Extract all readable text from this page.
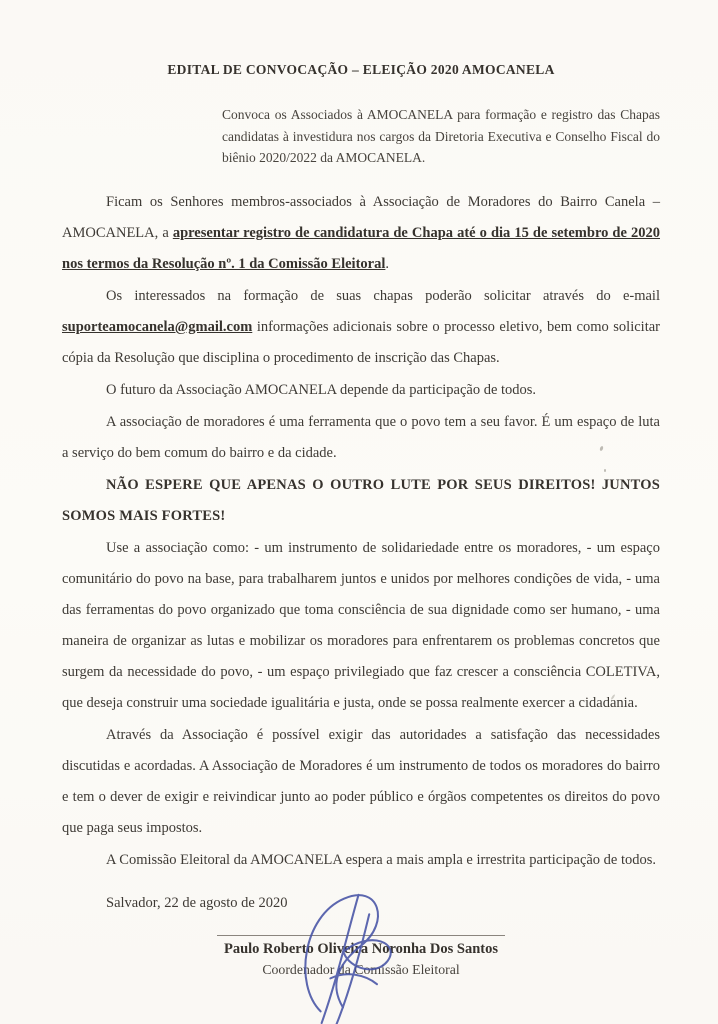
EDITAL DE CONVOCAÇÃO – ELEIÇÃO 2020 AMOCANELA
Convoca os Associados à AMOCANELA para formação e registro das Chapas candidatas à investidura nos cargos da Diretoria Executiva e Conselho Fiscal do biênio 2020/2022 da AMOCANELA.

Ficam os Senhores membros-associados à Associação de Moradores do Bairro Canela – AMOCANELA, a apresentar registro de candidatura de Chapa até o dia 15 de setembro de 2020 nos termos da Resolução nº. 1 da Comissão Eleitoral.

Os interessados na formação de suas chapas poderão solicitar através do e-mail suporteamocanela@gmail.com informações adicionais sobre o processo eletivo, bem como solicitar cópia da Resolução que disciplina o procedimento de inscrição das Chapas.

O futuro da Associação AMOCANELA depende da participação de todos.

A associação de moradores é uma ferramenta que o povo tem a seu favor. É um espaço de luta a serviço do bem comum do bairro e da cidade.

NÃO ESPERE QUE APENAS O OUTRO LUTE POR SEUS DIREITOS! JUNTOS SOMOS MAIS FORTES!

Use a associação como: - um instrumento de solidariedade entre os moradores, - um espaço comunitário do povo na base, para trabalharem juntos e unidos por melhores condições de vida, - uma das ferramentas do povo organizado que toma consciência de sua dignidade como ser humano, - uma maneira de organizar as lutas e mobilizar os moradores para enfrentarem os problemas concretos que surgem da necessidade do povo, - um espaço privilegiado que faz crescer a consciência COLETIVA, que deseja construir uma sociedade igualitária e justa, onde se possa realmente exercer a cidadania.

Através da Associação é possível exigir das autoridades a satisfação das necessidades discutidas e acordadas. A Associação de Moradores é um instrumento de todos os moradores do bairro e tem o dever de exigir e reivindicar junto ao poder público e órgãos competentes os direitos do povo que paga seus impostos.

A Comissão Eleitoral da AMOCANELA espera a mais ampla e irrestrita participação de todos.

Salvador, 22 de agosto de 2020
Paulo Roberto Oliveira Noronha Dos Santos
Coordenador da Comissão Eleitoral
